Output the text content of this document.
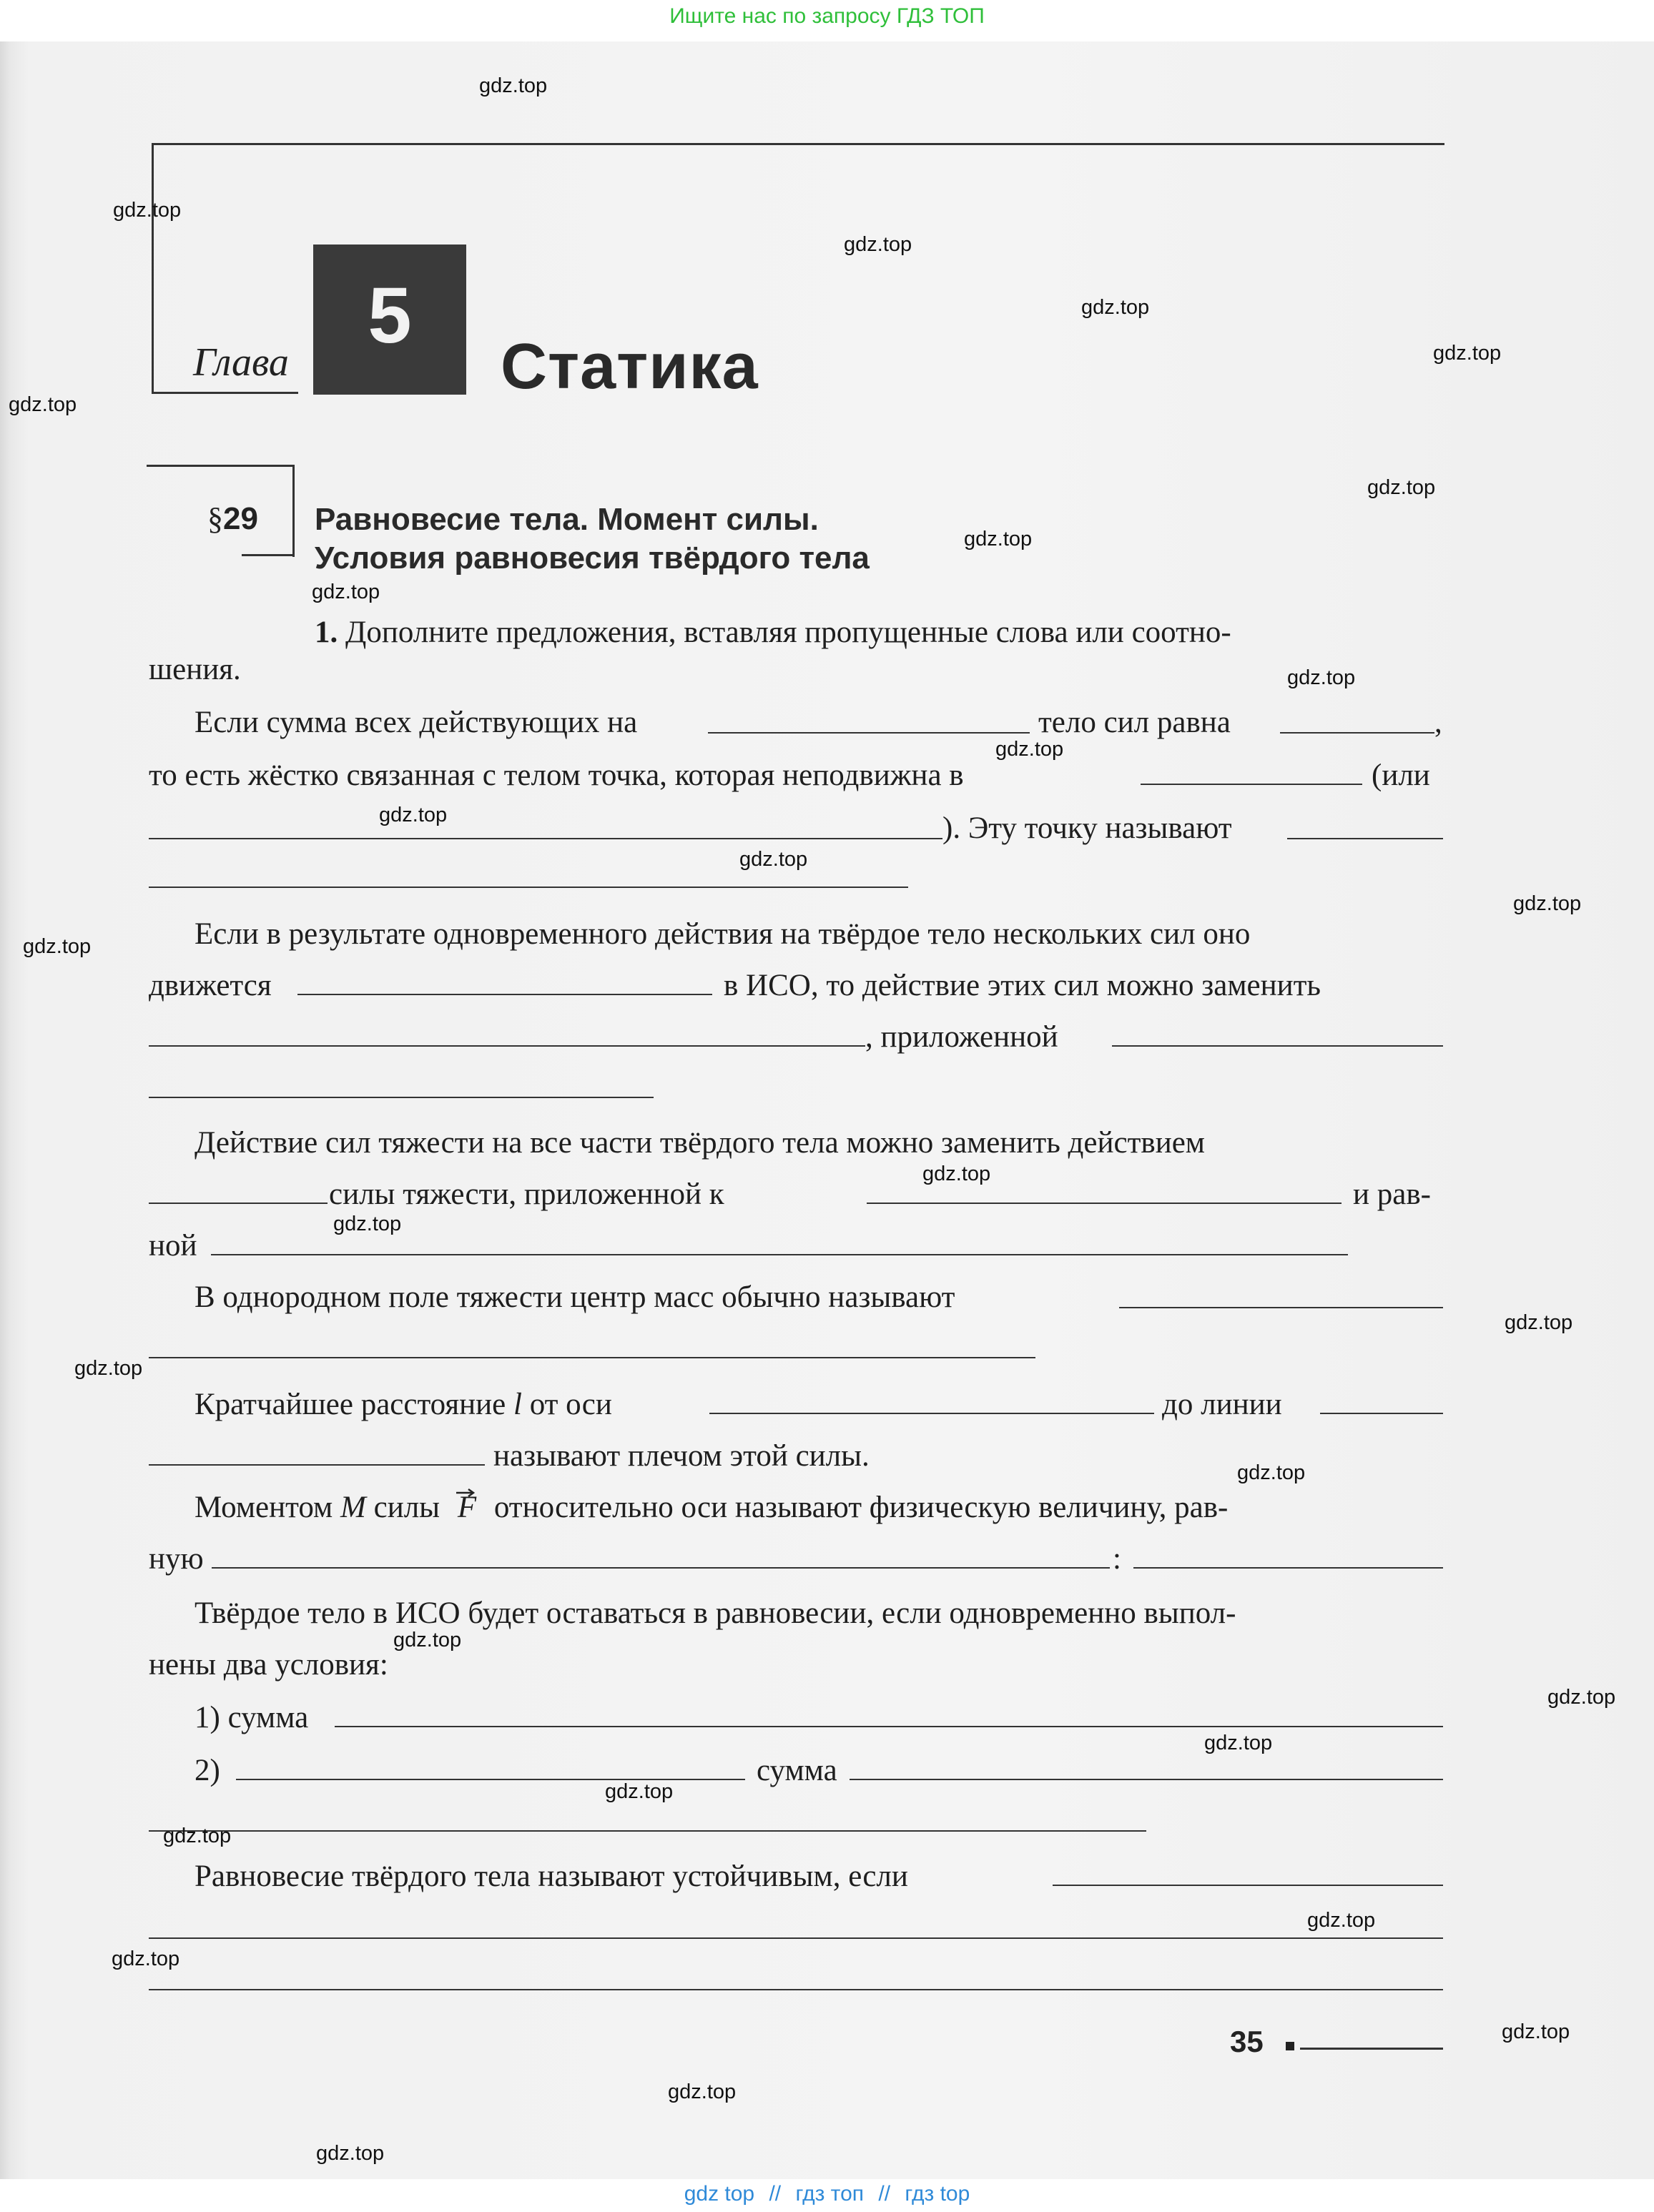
Ищите нас по запросу ГДЗ ТОП
Глава
5
Статика
§29 Равновесие тела. Момент силы.
Условия равновесия твёрдого тела
1. Дополните предложения, вставляя пропущенные слова или соотно-
шения.
Если сумма всех действующих на	тело сил равна	,
то есть жёстко связанная с телом точка, которая неподвижна в	(или
). Эту точку называют
Если в результате одновременного действия на твёрдое тело нескольких сил оно
движется	в ИСО, то действие этих сил можно заменить
, приложенной
Действие сил тяжести на все части твёрдого тела можно заменить действием
силы тяжести, приложенной к	и рав-
ной
В однородном поле тяжести центр масс обычно называют
Кратчайшее расстояние l от оси	до линии
называют плечом этой силы.
Моментом M силы F относительно оси называют физическую величину, рав-
ную	:
Твёрдое тело в ИСО будет оставаться в равновесии, если одновременно выпол-
нены два условия:
1) сумма
2)	сумма
Равновесие твёрдого тела называют устойчивым, если
35
gdz.top
gdz.top
gdz.top
gdz.top
gdz.top
gdz.top
gdz.top
gdz.top
gdz.top
gdz.top
gdz.top
gdz.top
gdz.top
gdz.top
gdz.top
gdz.top
gdz.top
gdz.top
gdz.top
gdz.top
gdz.top
gdz.top
gdz.top
gdz.top
gdz.top
gdz.top
gdz.top
gdz.top
gdz.top
gdz.top
gdz top // гдз топ // гдз top
